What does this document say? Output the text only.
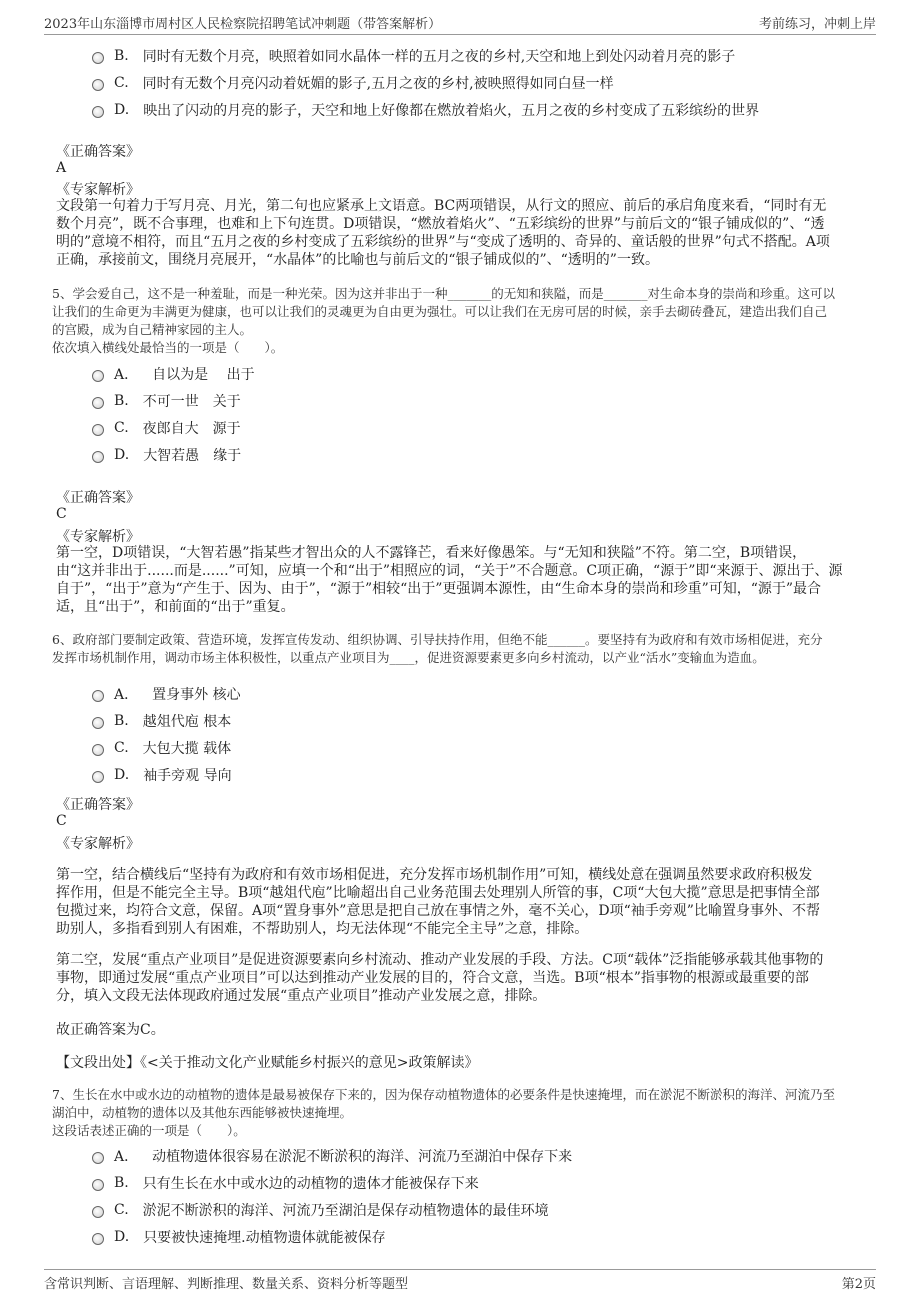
2023年山东淄博市周村区人民检察院招聘笔试冲刺题（带答案解析）	考前练习，冲刺上岸
B. 同时有无数个月亮，映照着如同水晶体一样的五月之夜的乡村,天空和地上到处闪动着月亮的影子
C. 同时有无数个月亮闪动着妩媚的影子,五月之夜的乡村,被映照得如同白昼一样
D. 映出了闪动的月亮的影子，天空和地上好像都在燃放着焰火，五月之夜的乡村变成了五彩缤纷的世界
《正确答案》
A
《专家解析》
文段第一句着力于写月亮、月光，第二句也应紧承上文语意。BC两项错误，从行文的照应、前后的承启角度来看，“同时有无
数个月亮”，既不合事理，也难和上下句连贯。D项错误，“燃放着焰火”、“五彩缤纷的世界”与前后文的“银子铺成似的”、“透
明的”意境不相符，而且“五月之夜的乡村变成了五彩缤纷的世界”与“变成了透明的、奇异的、童话般的世界”句式不搭配。A项
正确，承接前文，围绕月亮展开，“水晶体”的比喻也与前后文的“银子铺成似的”、“透明的”一致。
5、学会爱自己，这不是一种羞耻，而是一种光荣。因为这并非出于一种_______的无知和狭隘，而是_______对生命本身的崇尚和珍重。这可以
让我们的生命更为丰满更为健康，也可以让我们的灵魂更为自由更为强壮。可以让我们在无房可居的时候，亲手去砌砖叠瓦，建造出我们自己
的宫殿，成为自己精神家园的主人。
依次填入横线处最恰当的一项是（　　）。
A． 自以为是　 出于
B. 不可一世　关于
C. 夜郎自大　源于
D. 大智若愚　缘于
《正确答案》
C
《专家解析》
第一空，D项错误，“大智若愚”指某些才智出众的人不露锋芒，看来好像愚笨。与“无知和狭隘”不符。第二空，B项错误，
由“这并非出于......而是......”可知，应填一个和“出于”相照应的词，“关于”不合题意。C项正确，“源于”即“来源于、源出于、源
自于”，“出于”意为“产生于、因为、由于”，“源于”相较“出于”更强调本源性，由“生命本身的崇尚和珍重”可知，“源于”最合
适，且“出于”，和前面的“出于”重复。
6、政府部门要制定政策、营造环境，发挥宣传发动、组织协调、引导扶持作用，但绝不能______。要坚持有为政府和有效市场相促进，充分
发挥市场机制作用，调动市场主体积极性，以重点产业项目为____，促进资源要素更多向乡村流动，以产业“活水”变输血为造血。
A． 置身事外 核心
B. 越俎代庖 根本
C. 大包大揽 载体
D. 袖手旁观 导向
《正确答案》
C
《专家解析》
第一空，结合横线后“坚持有为政府和有效市场相促进，充分发挥市场机制作用”可知，横线处意在强调虽然要求政府积极发
挥作用，但是不能完全主导。B项“越俎代庖”比喻超出自己业务范围去处理别人所管的事，C项“大包大揽”意思是把事情全部
包揽过来，均符合文意，保留。A项“置身事外”意思是把自己放在事情之外，毫不关心，D项“袖手旁观”比喻置身事外、不帮
助别人，多指看到别人有困难，不帮助别人，均无法体现“不能完全主导”之意，排除。
第二空，发展“重点产业项目”是促进资源要素向乡村流动、推动产业发展的手段、方法。C项“载体”泛指能够承载其他事物的
事物，即通过发展“重点产业项目”可以达到推动产业发展的目的，符合文意，当选。B项“根本”指事物的根源或最重要的部
分，填入文段无法体现政府通过发展“重点产业项目”推动产业发展之意，排除。
故正确答案为C。
【文段出处】《<关于推动文化产业赋能乡村振兴的意见>政策解读》
7、生长在水中或水边的动植物的遗体是最易被保存下来的，因为保存动植物遗体的必要条件是快速掩埋，而在淤泥不断淤积的海洋、河流乃至
湖泊中，动植物的遗体以及其他东西能够被快速掩埋。
这段话表述正确的一项是（　　）。
A． 动植物遗体很容易在淤泥不断淤积的海洋、河流乃至湖泊中保存下来
B. 只有生长在水中或水边的动植物的遗体才能被保存下来
C. 淤泥不断淤积的海洋、河流乃至湖泊是保存动植物遗体的最佳环境
D. 只要被快速掩埋.动植物遗体就能被保存
含常识判断、言语理解、判断推理、数量关系、资料分析等题型	第2页
